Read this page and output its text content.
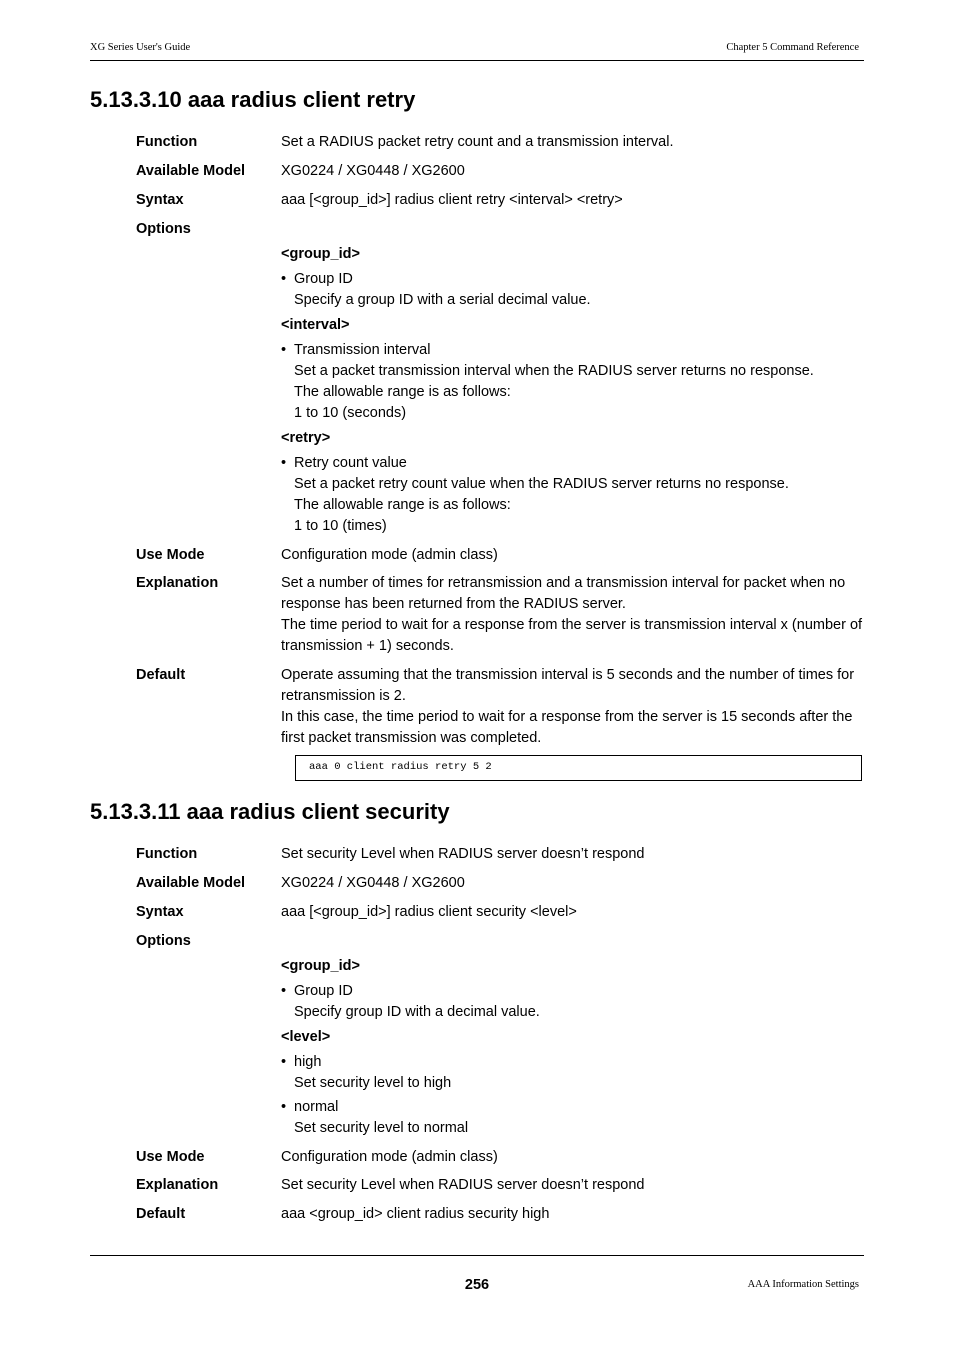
XG Series User's Guide	Chapter 5 Command Reference
5.13.3.10 aaa radius client retry
Function	Set a RADIUS packet retry count and a transmission interval.
Available Model	XG0224 / XG0448 / XG2600
Syntax	aaa [<group_id>] radius client retry <interval> <retry>
Options

<group_id>

• Group ID

Specify a group ID with a serial decimal value.

<interval>

• Transmission interval

Set a packet transmission interval when the RADIUS server returns no response.

The allowable range is as follows:

1 to 10 (seconds)

<retry>

• Retry count value

Set a packet retry count value when the RADIUS server returns no response.

The allowable range is as follows:

1 to 10 (times)

Use Mode	Configuration mode (admin class)
Explanation	Set a number of times for retransmission and a transmission interval for packet when no response has been returned from the RADIUS server.

The time period to wait for a response from the server is transmission interval x (number of transmission + 1) seconds.

Default	Operate assuming that the transmission interval is 5 seconds and the number of times for retransmission is 2.

In this case, the time period to wait for a response from the server is 15 seconds after the first packet transmission was completed.

aaa 0 client radius retry 5 2
5.13.3.11 aaa radius client security
Function	Set security Level when RADIUS server doesn’t respond
Available Model	XG0224 / XG0448 / XG2600
Syntax	aaa [<group_id>] radius client security <level>
Options

<group_id>

• Group ID

Specify group ID with a decimal value.

<level>

• high

Set security level to high

• normal

Set security level to normal

Use Mode	Configuration mode (admin class)
Explanation	Set security Level when RADIUS server doesn’t respond
Default	aaa <group_id> client radius security high
256	AAA Information Settings
